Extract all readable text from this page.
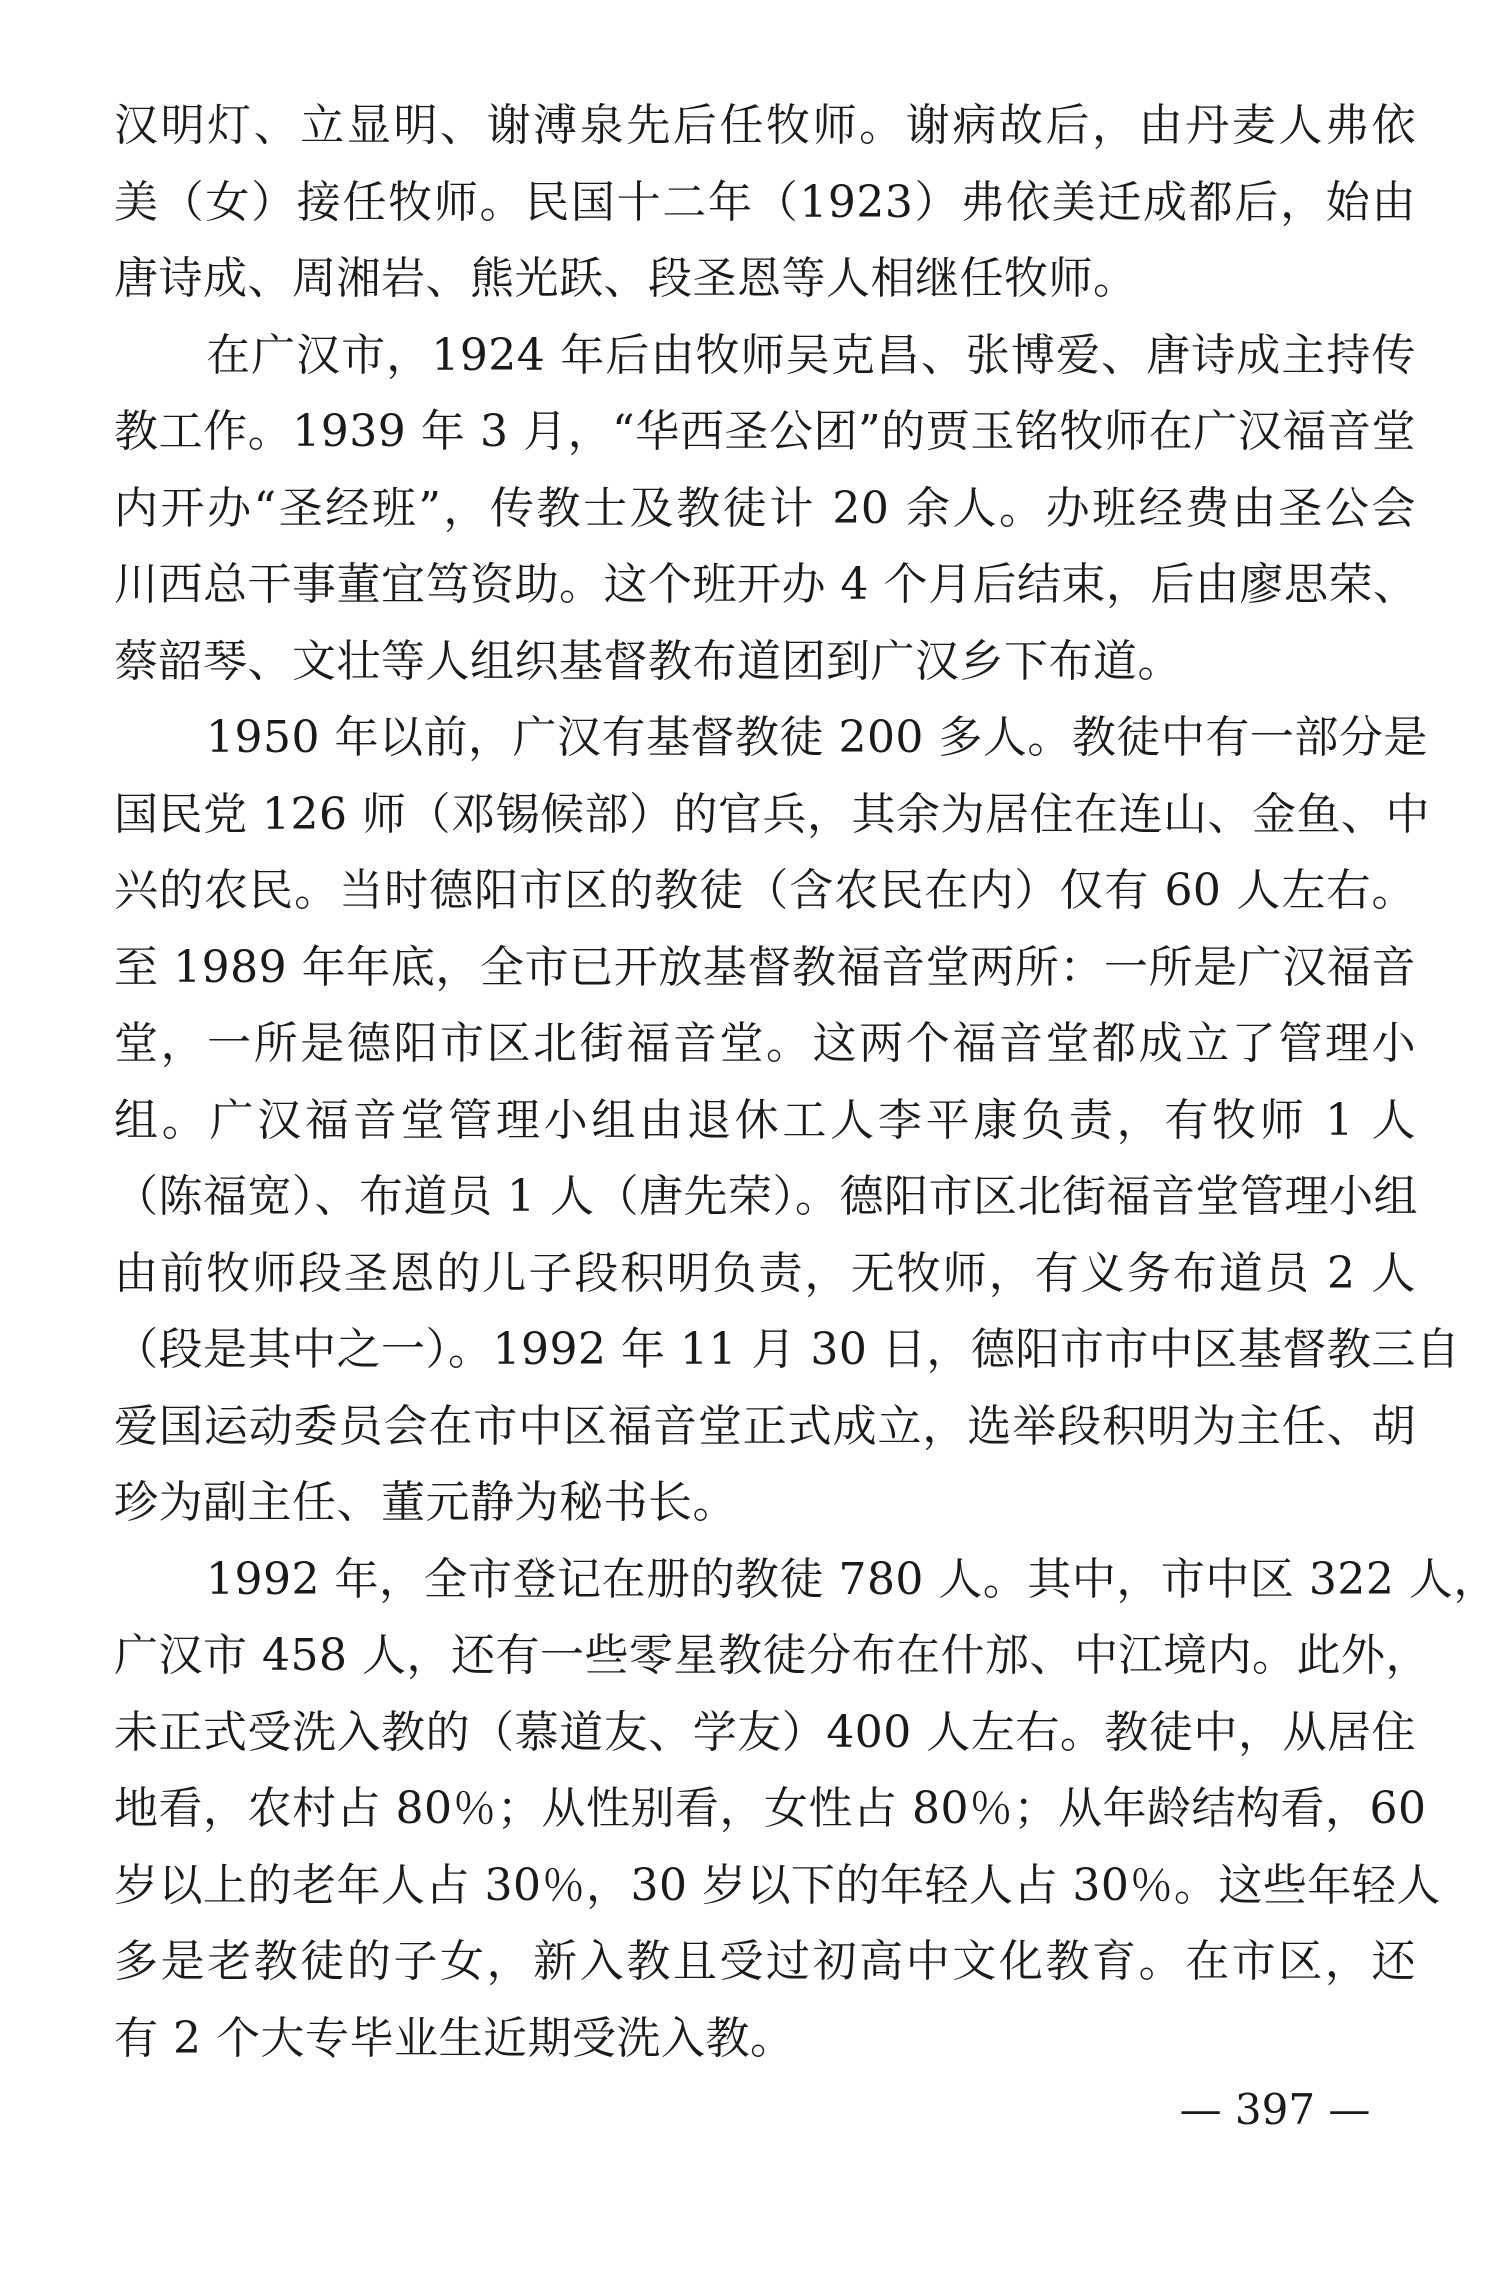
汉明灯、立显明、谢溥泉先后任牧师。谢病故后，由丹麦人弗依
美（女）接任牧师。民国十二年（1923）弗依美迁成都后，始由
唐诗成、周湘岩、熊光跃、段圣恩等人相继任牧师。
在广汉市，1924 年后由牧师吴克昌、张博爱、唐诗成主持传
教工作。1939 年 3 月，“华西圣公团”的贾玉铭牧师在广汉福音堂
内开办“圣经班”，传教士及教徒计 20 余人。办班经费由圣公会
川西总干事董宜笃资助。这个班开办 4 个月后结束，后由廖思荣、
蔡韶琴、文壮等人组织基督教布道团到广汉乡下布道。
1950 年以前，广汉有基督教徒 200 多人。教徒中有一部分是
国民党 126 师（邓锡候部）的官兵，其余为居住在连山、金鱼、中
兴的农民。当时德阳市区的教徒（含农民在内）仅有 60 人左右。
至 1989 年年底，全市已开放基督教福音堂两所：一所是广汉福音
堂，一所是德阳市区北街福音堂。这两个福音堂都成立了管理小
组。广汉福音堂管理小组由退休工人李平康负责，有牧师 1 人
（陈福宽）、布道员 1 人（唐先荣）。德阳市区北街福音堂管理小组
由前牧师段圣恩的儿子段积明负责，无牧师，有义务布道员 2 人
（段是其中之一）。1992 年 11 月 30 日，德阳市市中区基督教三自
爱国运动委员会在市中区福音堂正式成立，选举段积明为主任、胡
珍为副主任、董元静为秘书长。
1992 年，全市登记在册的教徒 780 人。其中，市中区 322 人，
广汉市 458 人，还有一些零星教徒分布在什邡、中江境内。此外，
未正式受洗入教的（慕道友、学友）400 人左右。教徒中，从居住
地看，农村占 80％；从性别看，女性占 80％；从年龄结构看，60
岁以上的老年人占 30％，30 岁以下的年轻人占 30％。这些年轻人
多是老教徒的子女，新入教且受过初高中文化教育。在市区，还
有 2 个大专毕业生近期受洗入教。
— 397 —
